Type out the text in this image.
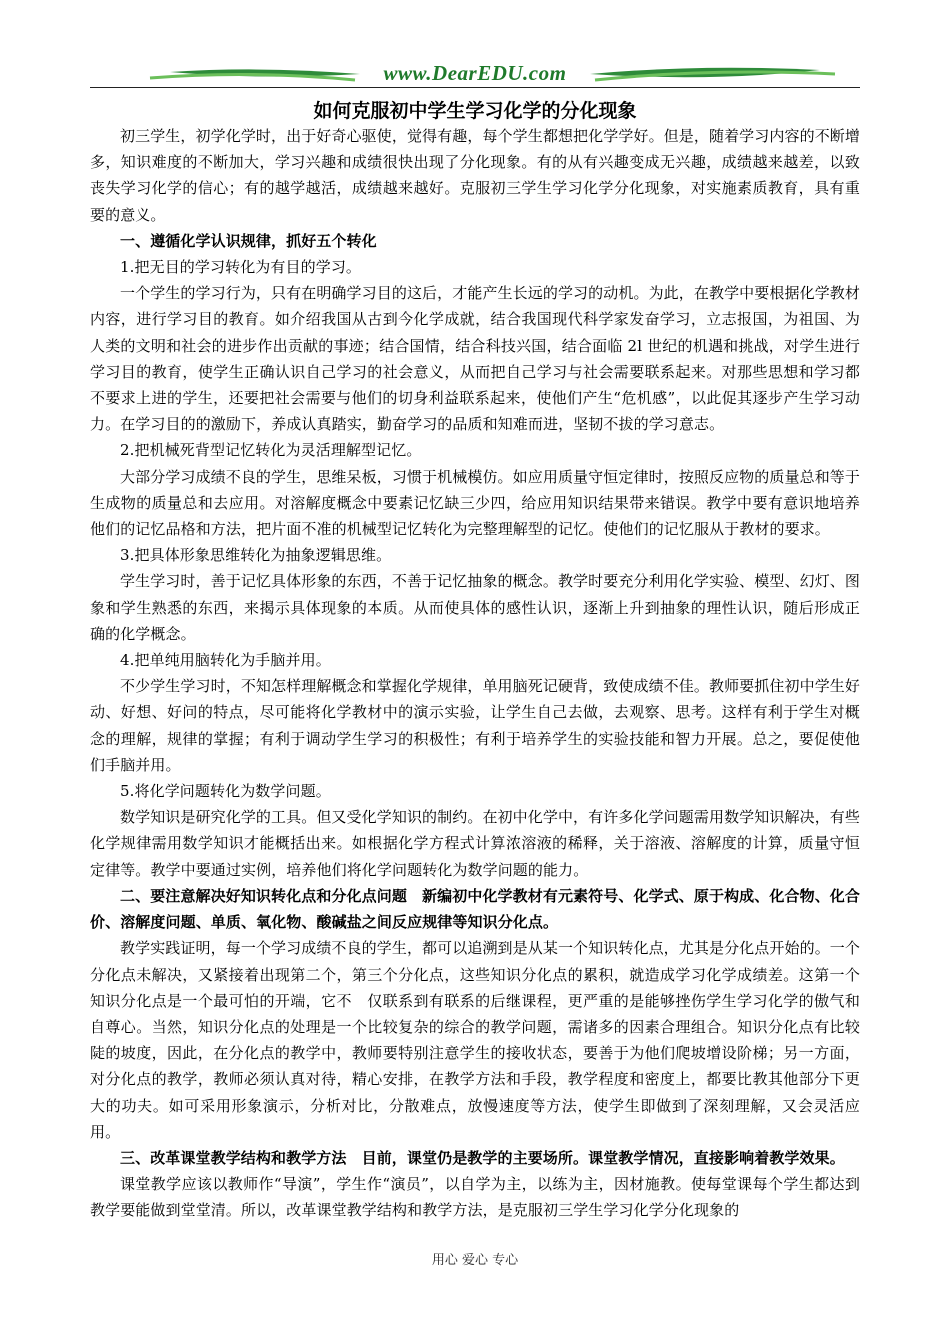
www.DearEDU.com
如何克服初中学生学习化学的分化现象

初三学生，初学化学时，出于好奇心驱使，觉得有趣，每个学生都想把化学学好。但是，随着学习内容的不断增多，知识难度的不断加大，学习兴趣和成绩很快出现了分化现象。有的从有兴趣变成无兴趣，成绩越来越差，以致丧失学习化学的信心；有的越学越活，成绩越来越好。克服初三学生学习化学分化现象，对实施素质教育，具有重要的意义。

一、遵循化学认识规律，抓好五个转化

1.把无目的学习转化为有目的学习。

一个学生的学习行为，只有在明确学习目的这后，才能产生长远的学习的动机。为此，在教学中要根据化学教材内容，进行学习目的教育。如介绍我国从古到今化学成就，结合我国现代科学家发奋学习，立志报国，为祖国、为人类的文明和社会的进步作出贡献的事迹；结合国情，结合科技兴国，结合面临 2l 世纪的机遇和挑战，对学生进行学习目的教育，使学生正确认识自己学习的社会意义，从而把自己学习与社会需要联系起来。对那些思想和学习都不要求上进的学生，还要把社会需要与他们的切身利益联系起来，使他们产生“危机感”，以此促其逐步产生学习动力。在学习目的的激励下，养成认真踏实，勤奋学习的品质和知难而进，坚韧不拔的学习意志。

2.把机械死背型记忆转化为灵活理解型记忆。

大部分学习成绩不良的学生，思维呆板，习惯于机械模仿。如应用质量守恒定律时，按照反应物的质量总和等于生成物的质量总和去应用。对溶解度概念中要素记忆缺三少四，给应用知识结果带来错误。教学中要有意识地培养他们的记忆品格和方法，把片面不准的机械型记忆转化为完整理解型的记忆。使他们的记忆服从于教材的要求。

3.把具体形象思维转化为抽象逻辑思维。

学生学习时，善于记忆具体形象的东西，不善于记忆抽象的概念。教学时要充分利用化学实验、模型、幻灯、图象和学生熟悉的东西，来揭示具体现象的本质。从而使具体的感性认识，逐渐上升到抽象的理性认识，随后形成正确的化学概念。

4.把单纯用脑转化为手脑并用。

不少学生学习时，不知怎样理解概念和掌握化学规律，单用脑死记硬背，致使成绩不佳。教师要抓住初中学生好动、好想、好问的特点，尽可能将化学教材中的演示实验，让学生自己去做，去观察、思考。这样有利于学生对概念的理解，规律的掌握；有利于调动学生学习的积极性；有利于培养学生的实验技能和智力开展。总之，要促使他们手脑并用。

5.将化学问题转化为数学问题。

数学知识是研究化学的工具。但又受化学知识的制约。在初中化学中，有许多化学问题需用数学知识解决，有些化学规律需用数学知识才能概括出来。如根据化学方程式计算浓溶液的稀释，关于溶液、溶解度的计算，质量守恒定律等。教学中要通过实例，培养他们将化学问题转化为数学问题的能力。

二、要注意解决好知识转化点和分化点问题　新编初中化学教材有元素符号、化学式、原于构成、化合物、化合价、溶解度问题、单质、氧化物、酸碱盐之间反应规律等知识分化点。

教学实践证明，每一个学习成绩不良的学生，都可以追溯到是从某一个知识转化点，尤其是分化点开始的。一个分化点未解决，又紧接着出现第二个，第三个分化点，这些知识分化点的累积，就造成学习化学成绩差。这第一个知识分化点是一个最可怕的开端，它不　仅联系到有联系的后继课程，更严重的是能够挫伤学生学习化学的傲气和自尊心。当然，知识分化点的处理是一个比较复杂的综合的教学问题，需诸多的因素合理组合。知识分化点有比较陡的坡度，因此，在分化点的教学中，教师要特别注意学生的接收状态，要善于为他们爬坡增设阶梯；另一方面，对分化点的教学，教师必须认真对待，精心安排，在教学方法和手段，教学程度和密度上，都要比教其他部分下更大的功夫。如可采用形象演示，分析对比，分散难点，放慢速度等方法，使学生即做到了深刻理解，又会灵活应用。

三、改革课堂教学结构和教学方法　目前，课堂仍是教学的主要场所。课堂教学情况，直接影响着教学效果。

课堂教学应该以教师作“导演”，学生作“演员”，以自学为主，以练为主，因材施教。使每堂课每个学生都达到教学要能做到堂堂清。所以，改革课堂教学结构和教学方法，是克服初三学生学习化学分化现象的

用心 爱心 专心
